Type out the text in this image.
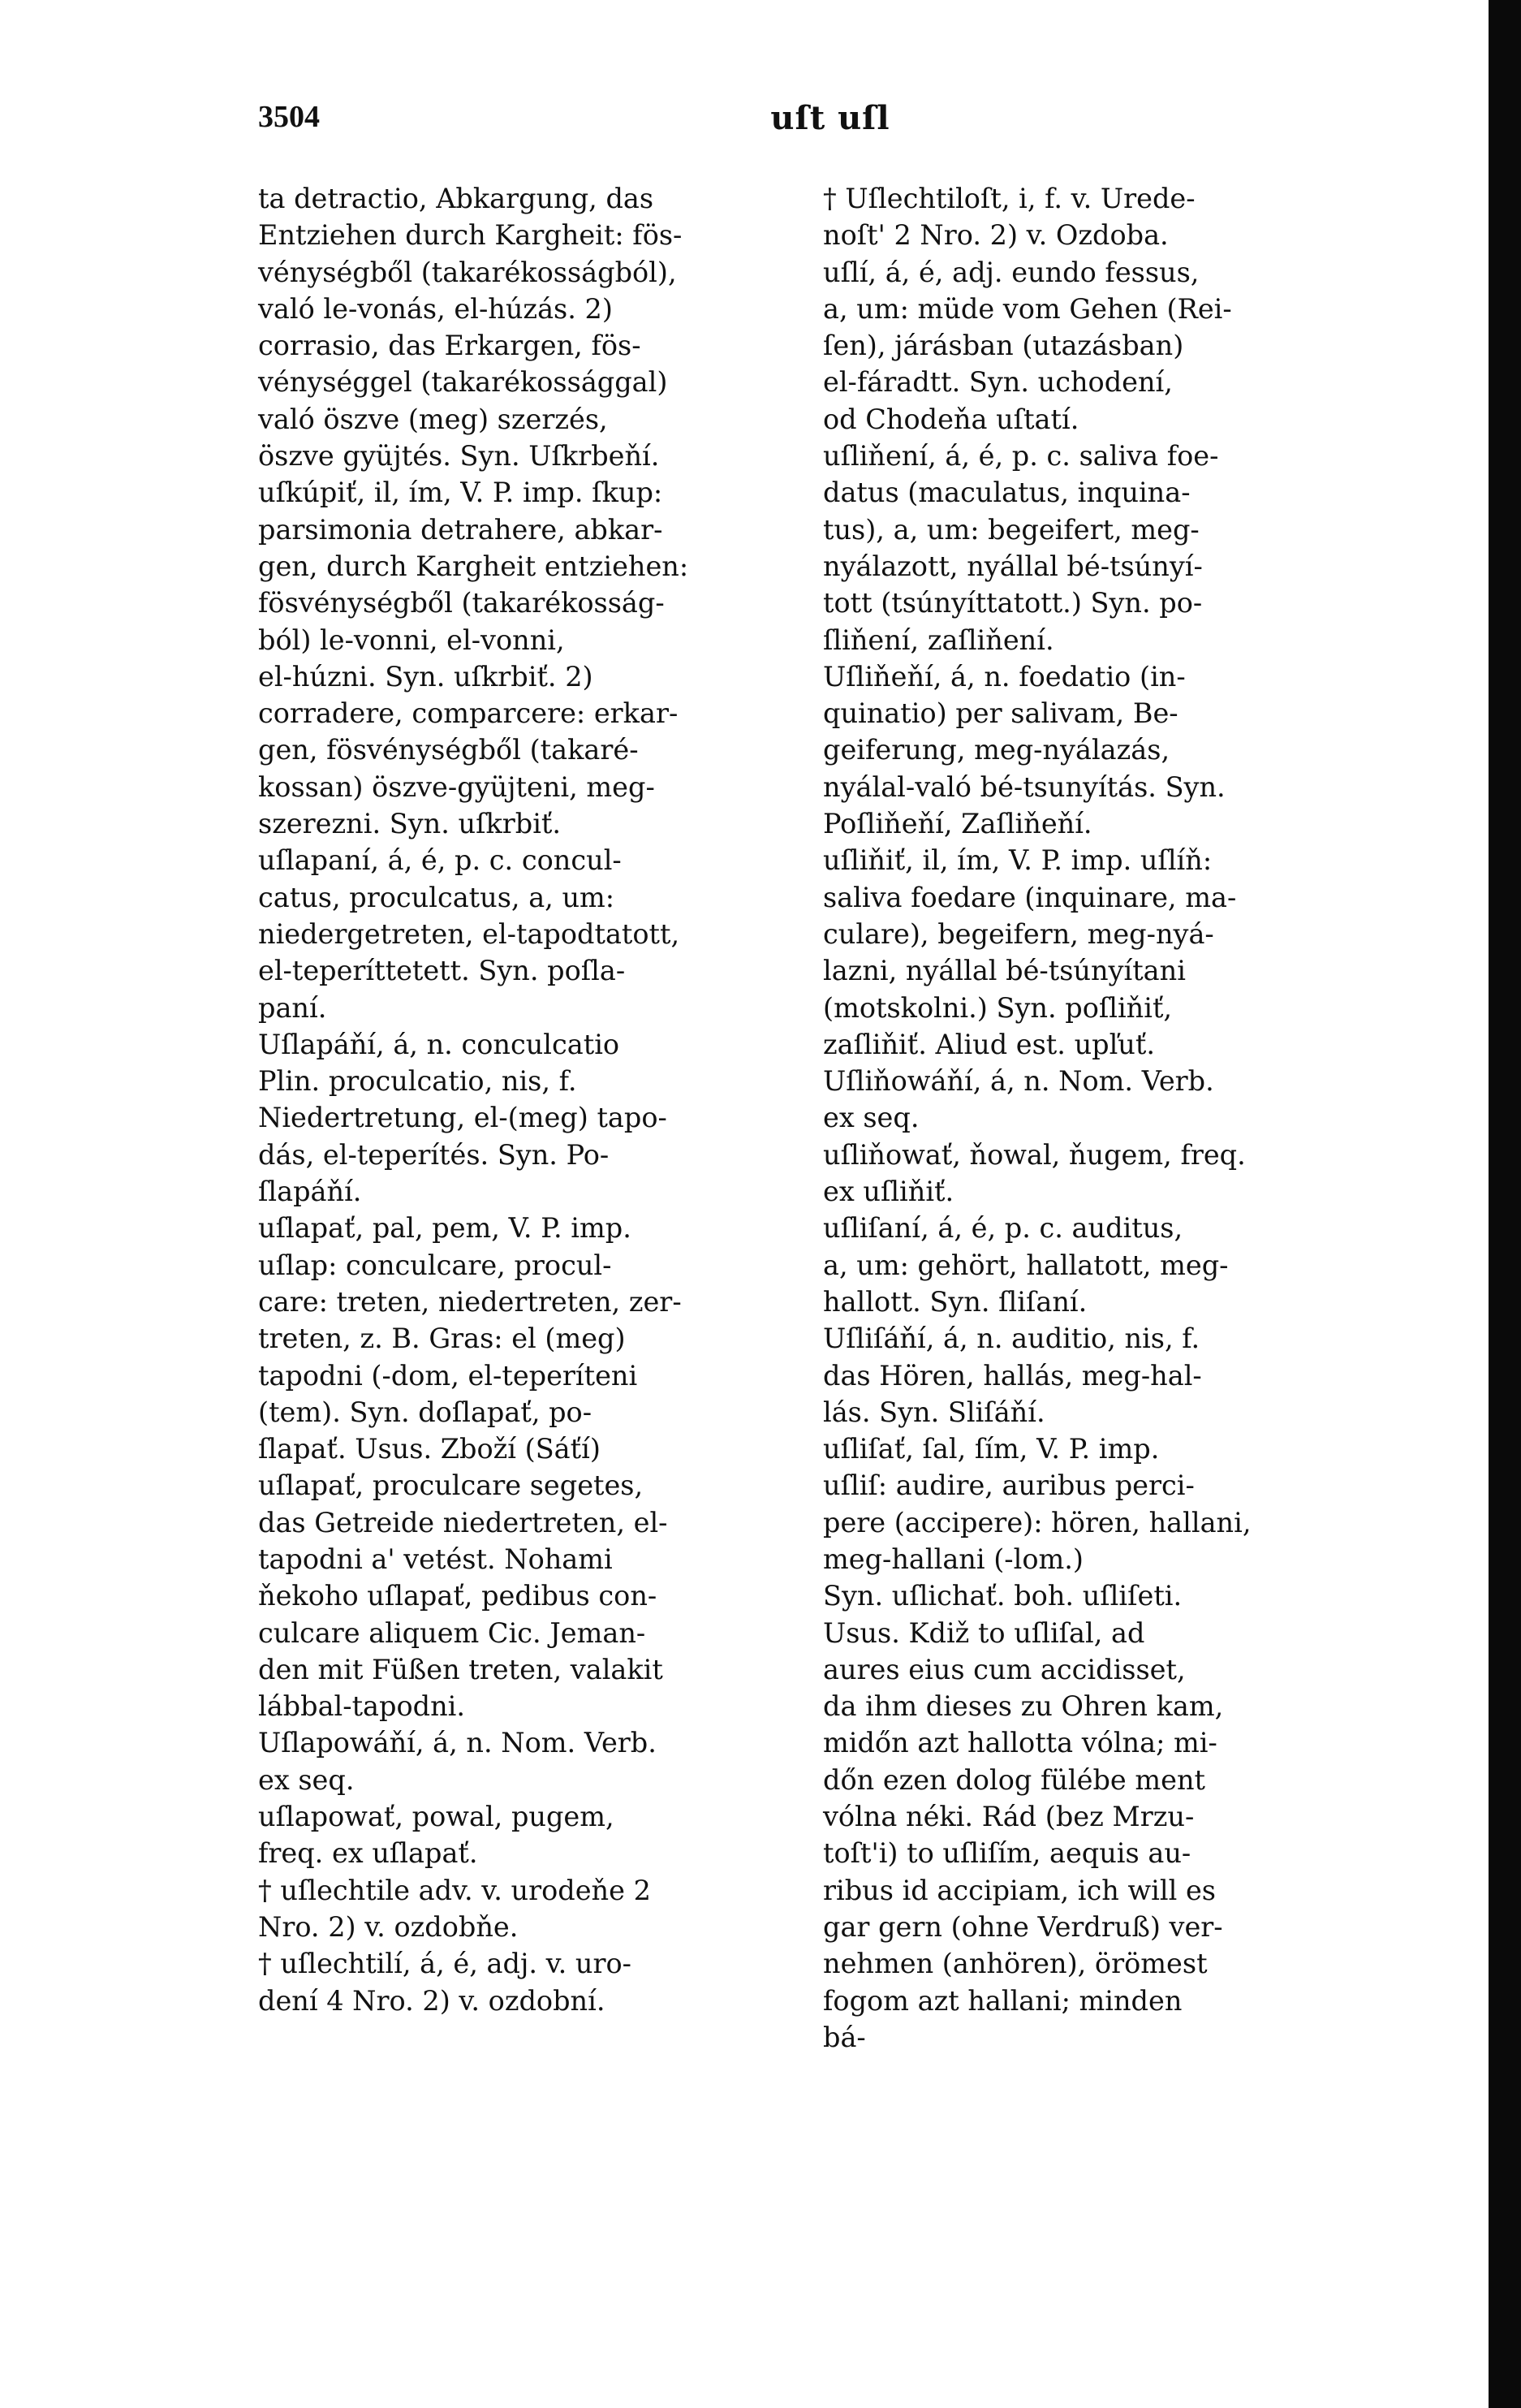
3504	uſt uſl
ta detractio, Abkargung, das
Entziehen durch Kargheit: fös-
vénységből (takarékosságból),
való le-vonás, el-húzás. 2)
corrasio, das Erkargen, fös-
vénységgel (takarékossággal)
való öszve (meg) szerzés,
öszve gyüjtés. Syn. Uſkrbeňí.
uſkúpiť, il, ím, V. P. imp. ſkup:
parsimonia detrahere, abkar-
gen, durch Kargheit entziehen:
fösvénységből (takarékosság-
ból) le-vonni, el-vonni,
el-húzni. Syn. uſkrbiť. 2)
corradere, comparcere: erkar-
gen, fösvénységből (takaré-
kossan) öszve-gyüjteni, meg-
szerezni. Syn. uſkrbiť.
uſlapaní, á, é, p. c. concul-
catus, proculcatus, a, um:
niedergetreten, el-tapodtatott,
el-teperíttetett. Syn. poſla-
paní.
Uſlapáňí, á, n. conculcatio
Plin. proculcatio, nis, f.
Niedertretung, el-(meg) tapo-
dás, el-teperítés. Syn. Po-
ſlapáňí.
uſlapať, pal, pem, V. P. imp.
uſlap: conculcare, procul-
care: treten, niedertreten, zer-
treten, z. B. Gras: el (meg)
tapodni (-dom, el-teperíteni
(tem). Syn. doſlapať, po-
ſlapať. Usus. Zboží (Sáťí)
uſlapať, proculcare segetes,
das Getreide niedertreten, el-
tapodni a' vetést. Nohami
ňekoho uſlapať, pedibus con-
culcare aliquem Cic. Jeman-
den mit Füßen treten, valakit
lábbal-tapodni.
Uſlapowáňí, á, n. Nom. Verb.
ex seq.
uſlapowať, powal, pugem,
freq. ex uſlapať.
† uſlechtile adv. v. urodeňe 2
Nro. 2) v. ozdobňe.
† uſlechtilí, á, é, adj. v. uro-
dení 4 Nro. 2) v. ozdobní.
† Uſlechtiloſt, i, f. v. Urede-
noſt' 2 Nro. 2) v. Ozdoba.
uſlí, á, é, adj. eundo fessus,
a, um: müde vom Gehen (Rei-
ſen), járásban (utazásban)
el-fáradtt. Syn. uchodení,
od Chodeňa uſtatí.
uſliňení, á, é, p. c. saliva foe-
datus (maculatus, inquina-
tus), a, um: begeifert, meg-
nyálazott, nyállal bé-tsúnyí-
tott (tsúnyíttatott.) Syn. po-
ſliňení, zaſliňení.
Uſliňeňí, á, n. foedatio (in-
quinatio) per salivam, Be-
geiferung, meg-nyálazás,
nyálal-való bé-tsunyítás. Syn.
Poſliňeňí, Zaſliňeňí.
uſliňiť, il, ím, V. P. imp. uſlíň:
saliva foedare (inquinare, ma-
culare), begeifern, meg-nyá-
lazni, nyállal bé-tsúnyítani
(motskolni.) Syn. poſliňiť,
zaſliňiť. Aliud est. upľuť.
Uſliňowáňí, á, n. Nom. Verb.
ex seq.
uſliňowať, ňowal, ňugem, freq.
ex uſliňiť.
uſliſaní, á, é, p. c. auditus,
a, um: gehört, hallatott, meg-
hallott. Syn. ſliſaní.
Uſliſáňí, á, n. auditio, nis, f.
das Hören, hallás, meg-hal-
lás. Syn. Sliſáňí.
uſliſať, ſal, ſím, V. P. imp.
uſliſ: audire, auribus perci-
pere (accipere): hören, hallani,
meg-hallani (-lom.)
Syn. uſlichať. boh. uſliſeti.
Usus. Kdiž to uſliſal, ad
aures eius cum accidisset,
da ihm dieses zu Ohren kam,
midőn azt hallotta vólna; mi-
dőn ezen dolog fülébe ment
vólna néki. Rád (bez Mrzu-
toſt'i) to uſliſím, aequis au-
ribus id accipiam, ich will es
gar gern (ohne Verdruß) ver-
nehmen (anhören), örömest
fogom azt hallani; minden
bá-
